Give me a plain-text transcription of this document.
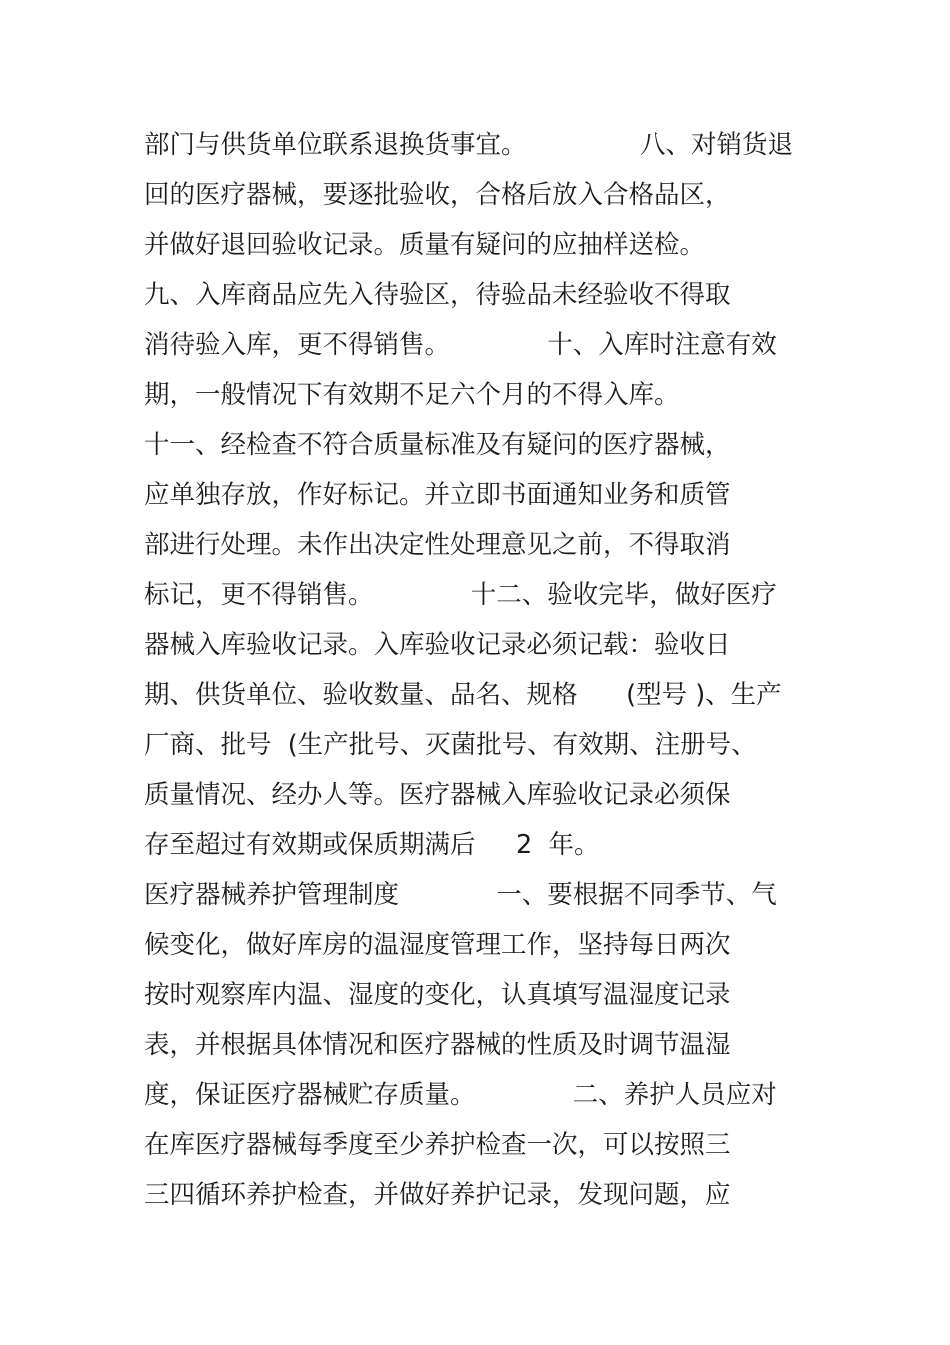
部门与供货单位联系退换货事宜。              八、对销货退
回的医疗器械，要逐批验收，合格后放入合格品区，
并做好退回验收记录。质量有疑问的应抽样送检。
九、入库商品应先入待验区，待验品未经验收不得取
消待验入库，更不得销售。            十、入库时注意有效
期，一般情况下有效期不足六个月的不得入库。
十一、经检查不符合质量标准及有疑问的医疗器械，
应单独存放，作好标记。并立即书面通知业务和质管
部进行处理。未作出决定性处理意见之前，不得取消
标记，更不得销售。            十二、验收完毕，做好医疗
器械入库验收记录。入库验收记录必须记载：验收日
期、供货单位、验收数量、品名、规格      (型号 )、生产
厂商、批号  (生产批号、灭菌批号、有效期、注册号、
质量情况、经办人等。医疗器械入库验收记录必须保
存至超过有效期或保质期满后     2  年。
医疗器械养护管理制度            一、要根据不同季节、气
候变化，做好库房的温湿度管理工作，坚持每日两次
按时观察库内温、湿度的变化，认真填写温湿度记录
表，并根据具体情况和医疗器械的性质及时调节温湿
度，保证医疗器械贮存质量。            二、养护人员应对
在库医疗器械每季度至少养护检查一次，可以按照三
三四循环养护检查，并做好养护记录，发现问题，应
